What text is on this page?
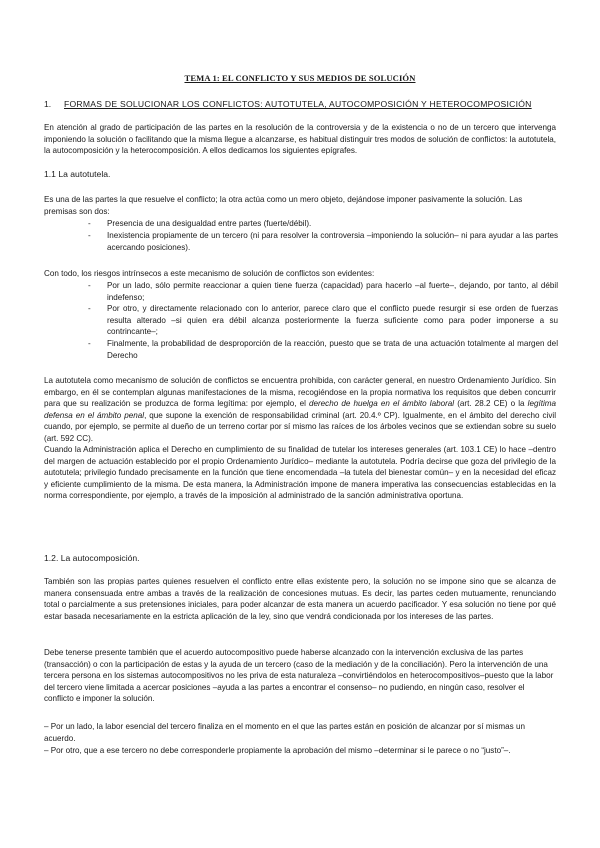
TEMA 1: EL CONFLICTO Y SUS MEDIOS DE SOLUCIÓN
1. FORMAS DE SOLUCIONAR LOS CONFLICTOS: AUTOTUTELA, AUTOCOMPOSICIÓN Y HETEROCOMPOSICIÓN
En atención al grado de participación de las partes en la resolución de la controversia y de la existencia o no de un tercero que intervenga imponiendo la solución o facilitando que la misma llegue a alcanzarse, es habitual distinguir tres modos de solución de conflictos: la autotutela, la autocomposición y la heterocomposición. A ellos dedicamos los siguientes epígrafes.
1.1 La autotutela.
Es una de las partes la que resuelve el conflicto; la otra actúa como un mero objeto, dejándose imponer pasivamente la solución. Las premisas son dos:
- Presencia de una desigualdad entre partes (fuerte/débil).
- Inexistencia propiamente de un tercero (ni para resolver la controversia –imponiendo la solución– ni para ayudar a las partes acercando posiciones).
Con todo, los riesgos intrínsecos a este mecanismo de solución de conflictos son evidentes:
- Por un lado, sólo permite reaccionar a quien tiene fuerza (capacidad) para hacerlo –al fuerte–, dejando, por tanto, al débil indefenso;
- Por otro, y directamente relacionado con lo anterior, parece claro que el conflicto puede resurgir si ese orden de fuerzas resulta alterado –si quien era débil alcanza posteriormente la fuerza suficiente como para poder imponerse a su contrincante–;
- Finalmente, la probabilidad de desproporción de la reacción, puesto que se trata de una actuación totalmente al margen del Derecho
La autotutela como mecanismo de solución de conflictos se encuentra prohibida, con carácter general, en nuestro Ordenamiento Jurídico. Sin embargo, en él se contemplan algunas manifestaciones de la misma, recogiéndose en la propia normativa los requisitos que deben concurrir para que su realización se produzca de forma legítima: por ejemplo, el derecho de huelga en el ámbito laboral (art. 28.2 CE) o la legítima defensa en el ámbito penal, que supone la exención de responsabilidad criminal (art. 20.4.º CP). Igualmente, en el ámbito del derecho civil cuando, por ejemplo, se permite al dueño de un terreno cortar por sí mismo las raíces de los árboles vecinos que se extiendan sobre su suelo (art. 592 CC).
Cuando la Administración aplica el Derecho en cumplimiento de su finalidad de tutelar los intereses generales (art. 103.1 CE) lo hace –dentro del margen de actuación establecido por el propio Ordenamiento Jurídico– mediante la autotutela. Podría decirse que goza del privilegio de la autotutela; privilegio fundado precisamente en la función que tiene encomendada –la tutela del bienestar común– y en la necesidad del eficaz y eficiente cumplimiento de la misma. De esta manera, la Administración impone de manera imperativa las consecuencias establecidas en la norma correspondiente, por ejemplo, a través de la imposición al administrado de la sanción administrativa oportuna.
1.2. La autocomposición.
También son las propias partes quienes resuelven el conflicto entre ellas existente pero, la solución no se impone sino que se alcanza de manera consensuada entre ambas a través de la realización de concesiones mutuas. Es decir, las partes ceden mutuamente, renunciando total o parcialmente a sus pretensiones iniciales, para poder alcanzar de esta manera un acuerdo pacificador. Y esa solución no tiene por qué estar basada necesariamente en la estricta aplicación de la ley, sino que vendrá condicionada por los intereses de las partes.
Debe tenerse presente también que el acuerdo autocompositivo puede haberse alcanzado con la intervención exclusiva de las partes (transacción) o con la participación de estas y la ayuda de un tercero (caso de la mediación y de la conciliación). Pero la intervención de una tercera persona en los sistemas autocompositivos no les priva de esta naturaleza –convirtiéndolos en heterocompositivos–puesto que la labor del tercero viene limitada a acercar posiciones –ayuda a las partes a encontrar el consenso– no pudiendo, en ningún caso, resolver el conflicto e imponer la solución.
– Por un lado, la labor esencial del tercero finaliza en el momento en el que las partes están en posición de alcanzar por sí mismas un acuerdo.
– Por otro, que a ese tercero no debe corresponderle propiamente la aprobación del mismo –determinar si le parece o no “justo”–.
